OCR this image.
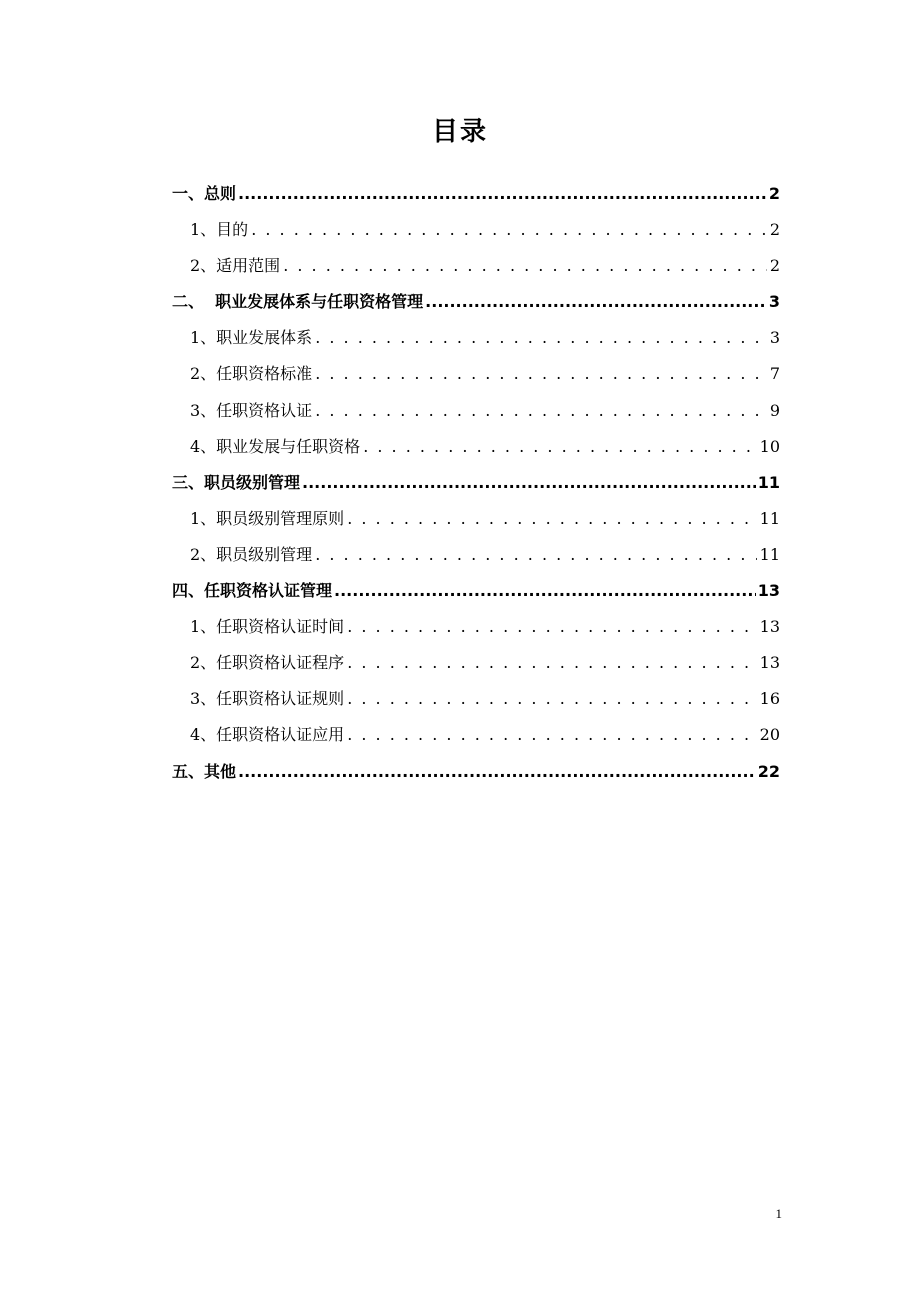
目录
一、总则 .....	2
1、目的 . . .	2
2、适用范围 . . .	2
二、  职业发展体系与任职资格管理 .....	3
1、职业发展体系 . . .	3
2、任职资格标准 . . .	7
3、任职资格认证 . . .	9
4、职业发展与任职资格 . . .	10
三、职员级别管理 .....	11
1、职员级别管理原则 . . .	11
2、职员级别管理 . . .	11
四、任职资格认证管理 .....	13
1、任职资格认证时间 . . .	13
2、任职资格认证程序 . . .	13
3、任职资格认证规则 . . .	16
4、任职资格认证应用 . . .	20
五、其他 .....	22
1
